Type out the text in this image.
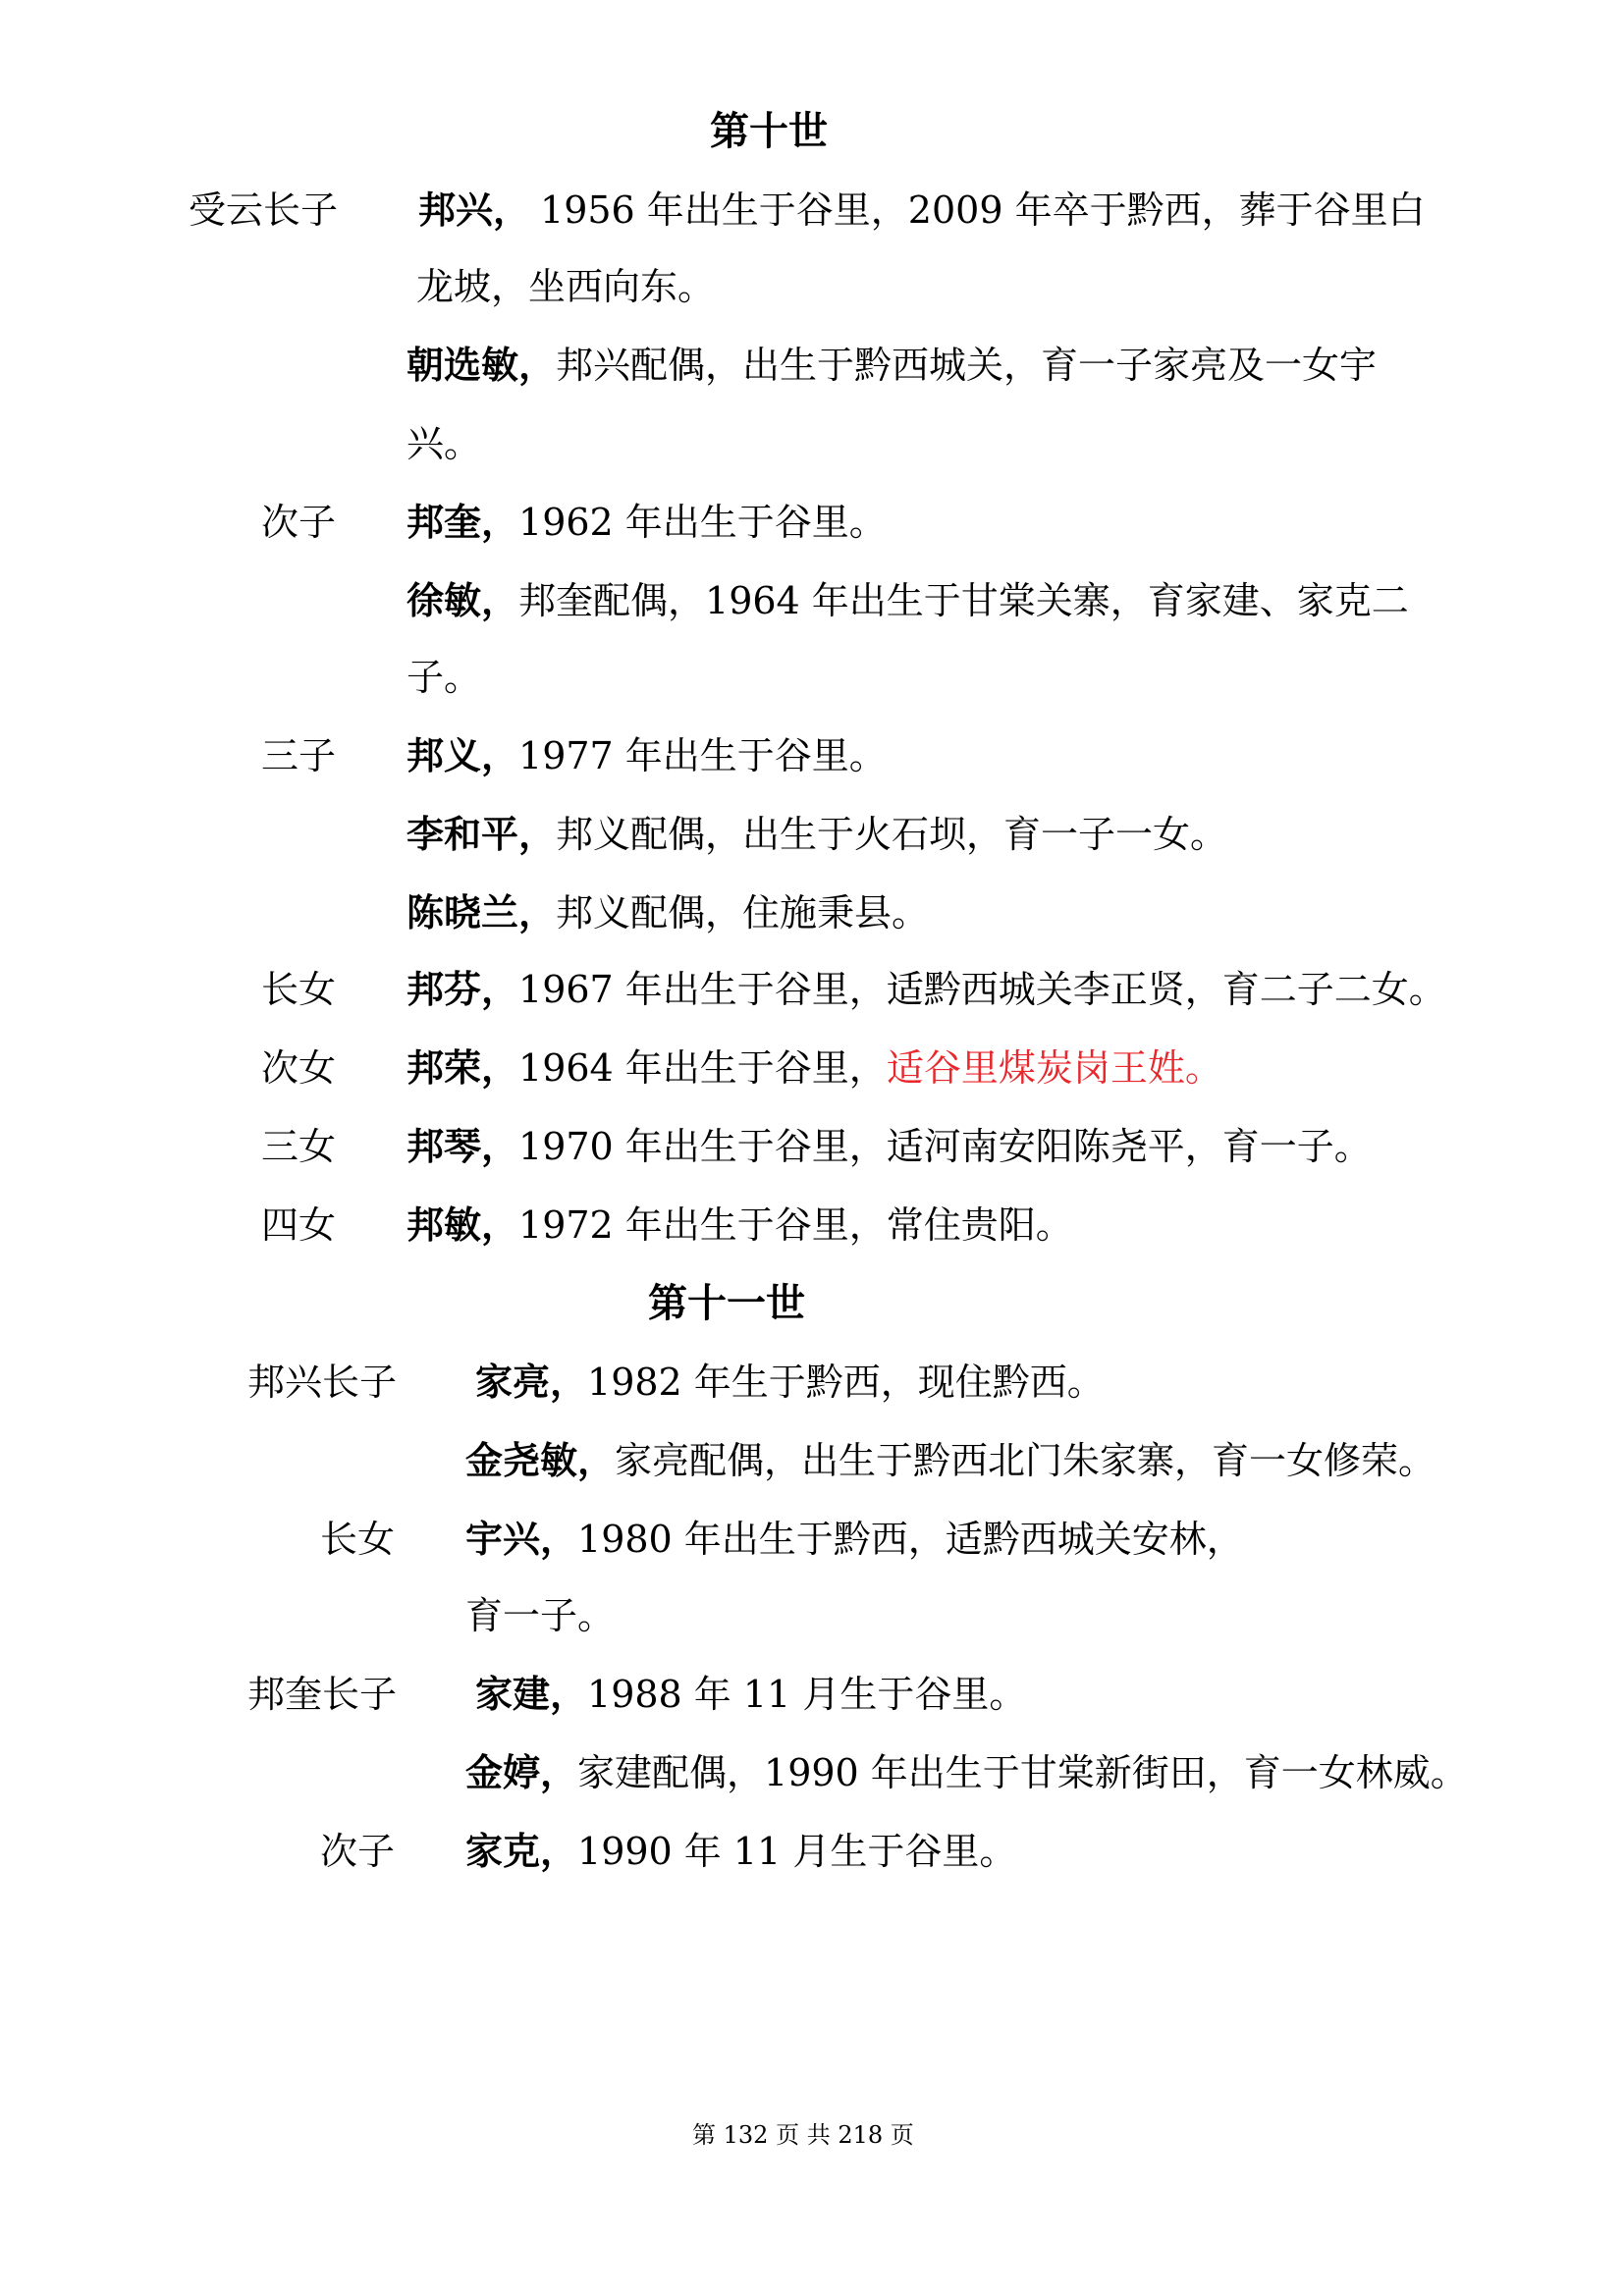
第十世
受云长子 邦兴， 1956 年出生于谷里，2009 年卒于黔西，葬于谷里白
龙坡，坐西向东。
朝选敏，邦兴配偶，出生于黔西城关，育一子家亮及一女宇
兴。
次子 邦奎，1962 年出生于谷里。
徐敏，邦奎配偶，1964 年出生于甘棠关寨，育家建、家克二
子。
三子 邦义，1977 年出生于谷里。
李和平，邦义配偶，出生于火石坝，育一子一女。
陈晓兰，邦义配偶，住施秉县。
长女 邦芬，1967 年出生于谷里，适黔西城关李正贤，育二子二女。
次女 邦荣，1964 年出生于谷里，适谷里煤炭岗王姓。
三女 邦琴，1970 年出生于谷里，适河南安阳陈尧平，育一子。
四女 邦敏，1972 年出生于谷里，常住贵阳。
第十一世
邦兴长子 家亮，1982 年生于黔西，现住黔西。
金尧敏，家亮配偶，出生于黔西北门朱家寨，育一女修荣。
长女 宇兴，1980 年出生于黔西，适黔西城关安林，
育一子。
邦奎长子 家建，1988 年 11 月生于谷里。
金婷，家建配偶，1990 年出生于甘棠新街田，育一女林威。
次子 家克，1990 年 11 月生于谷里。
第 132 页 共 218 页
